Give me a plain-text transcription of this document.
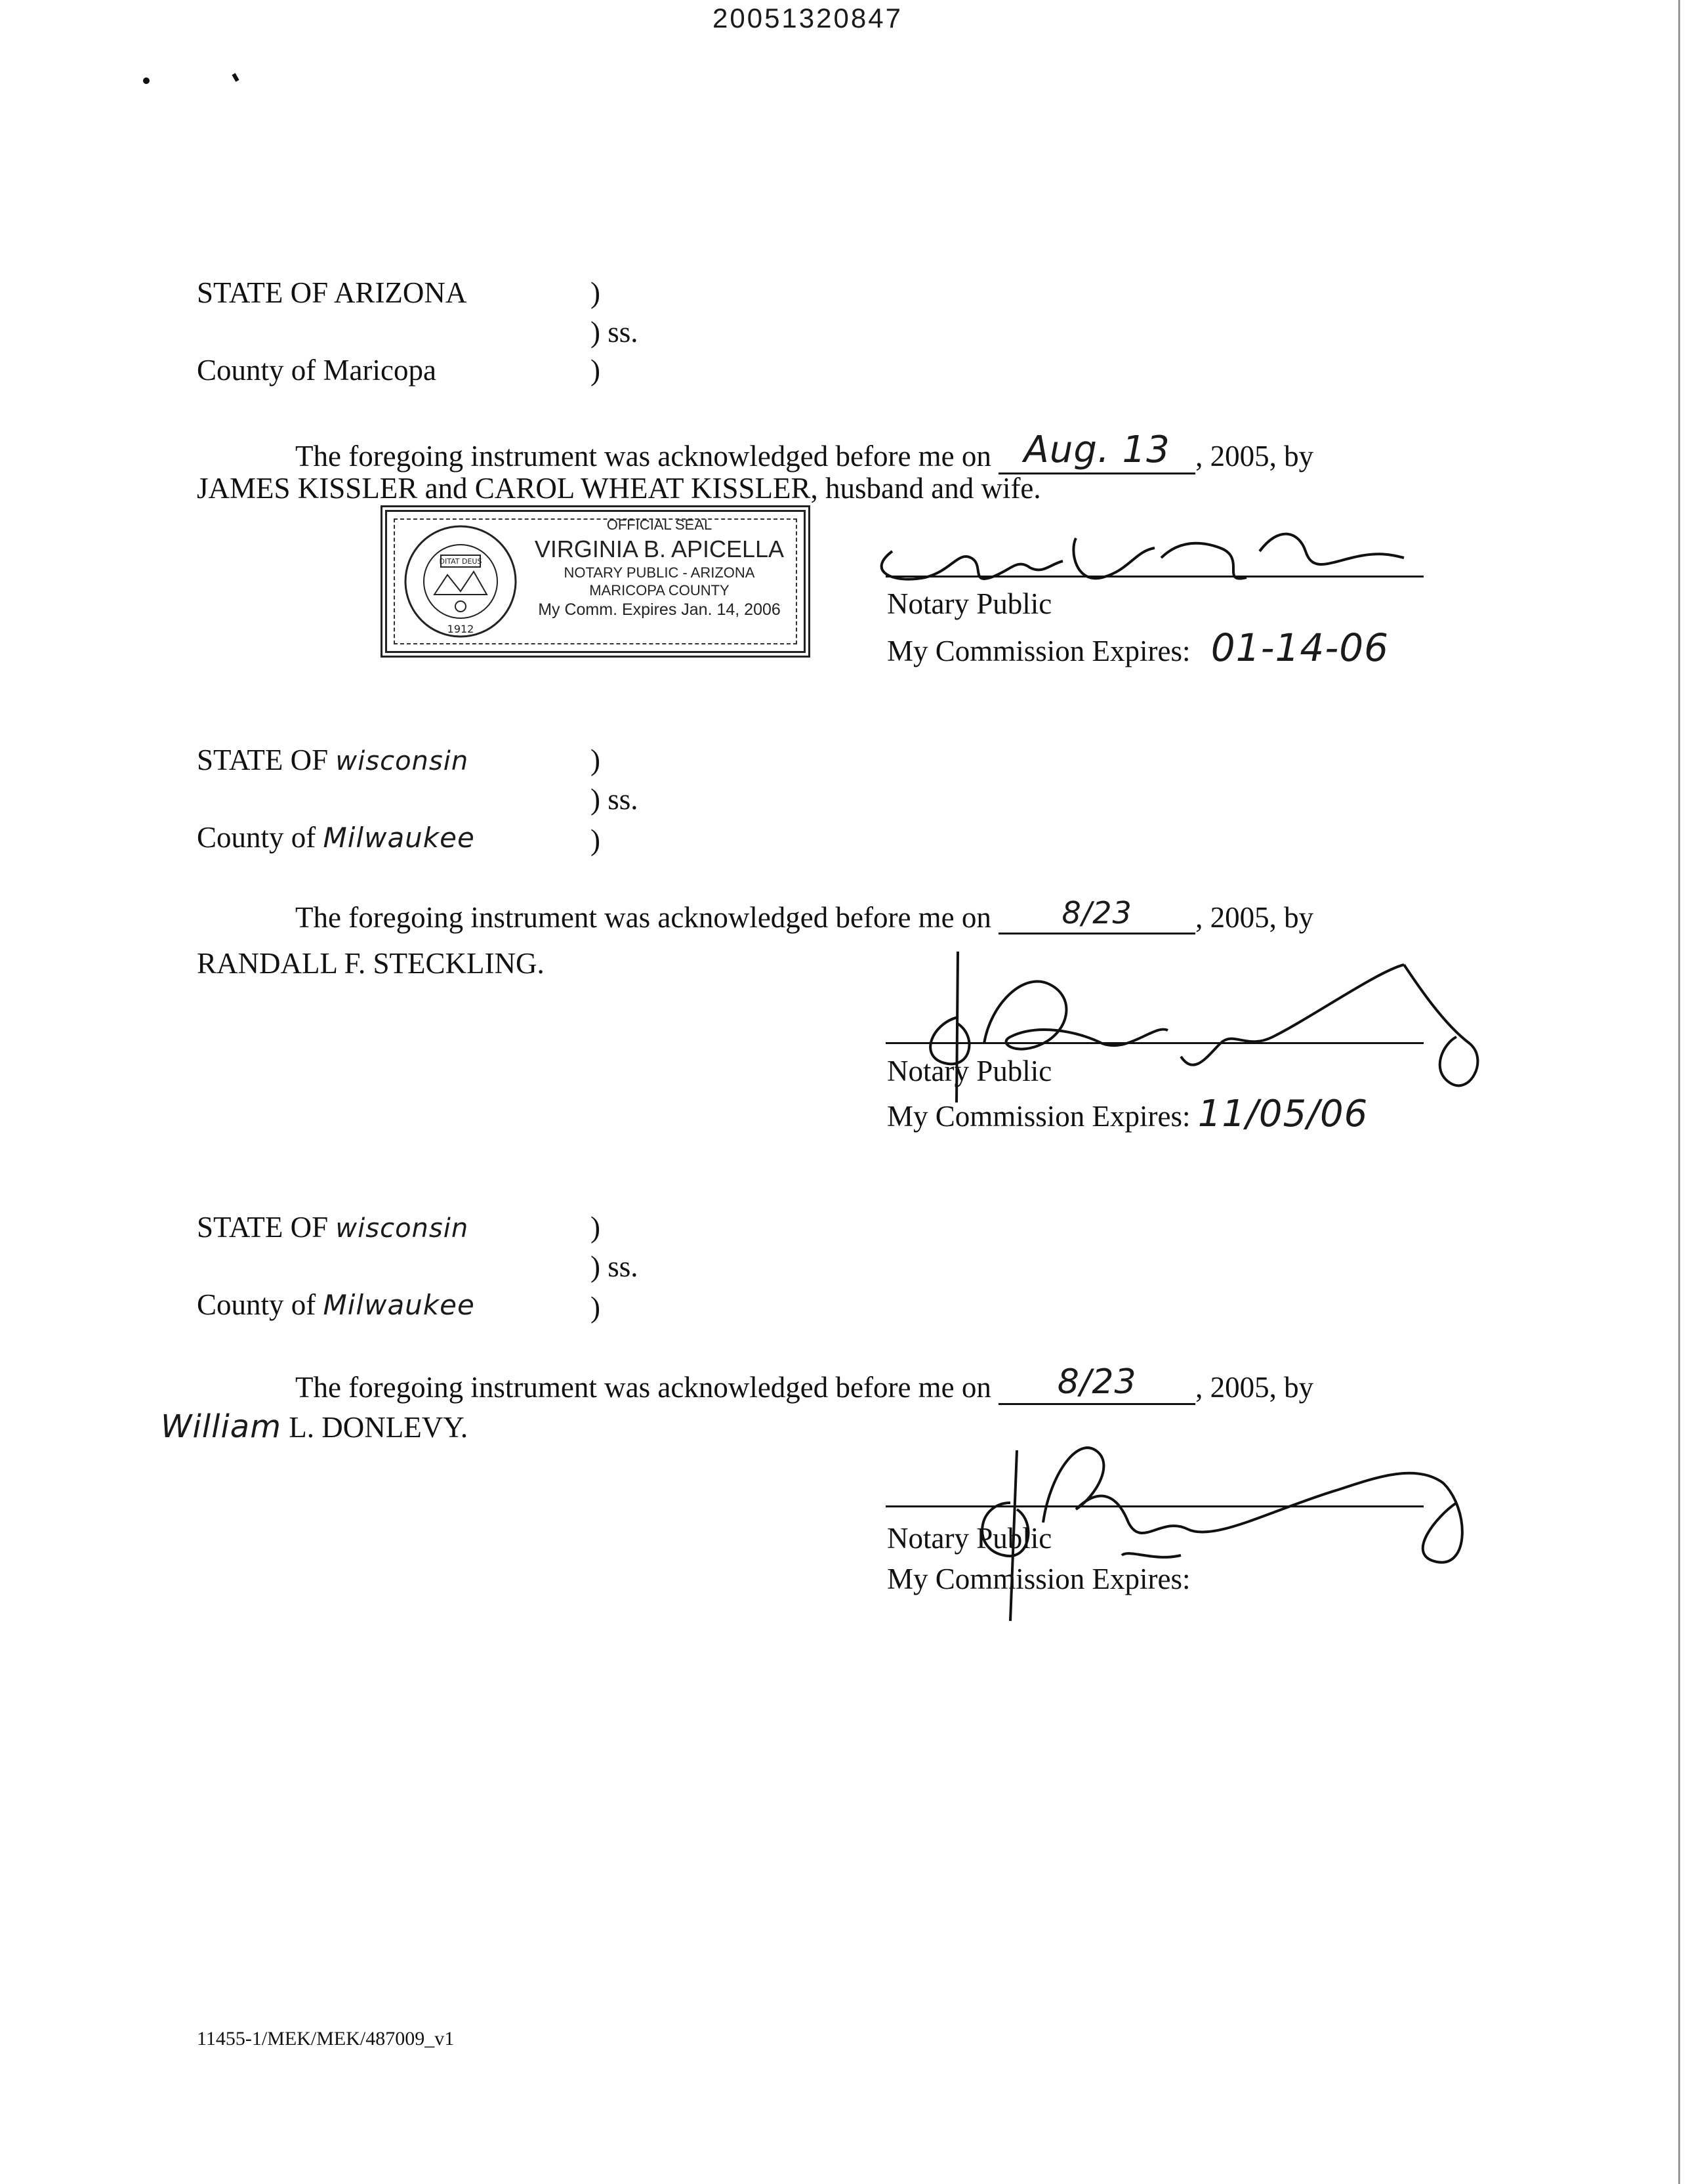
20051320847
STATE OF ARIZONA	)
) ss.
County of Maricopa	)
The foregoing instrument was acknowledged before me on Aug. 13 , 2005, by
JAMES KISSLER and CAROL WHEAT KISSLER, husband and wife.
DITAT DEUS
1912
OFFICIAL SEAL
VIRGINIA B. APICELLA
NOTARY PUBLIC - ARIZONA
MARICOPA COUNTY
My Comm. Expires Jan. 14, 2006	Notary Public
My Commission Expires: 01-14-06
STATE OF wisconsin	)
) ss.
County of Milwaukee	)
The foregoing instrument was acknowledged before me on 8/23 , 2005, by
RANDALL F. STECKLING.
Notary Public
My Commission Expires: 11/05/06
STATE OF wisconsin	)
) ss.
County of Milwaukee	)
The foregoing instrument was acknowledged before me on 8/23 , 2005, by
William L. DONLEVY.
Notary Public
My Commission Expires:
11455-1/MEK/MEK/487009_v1
